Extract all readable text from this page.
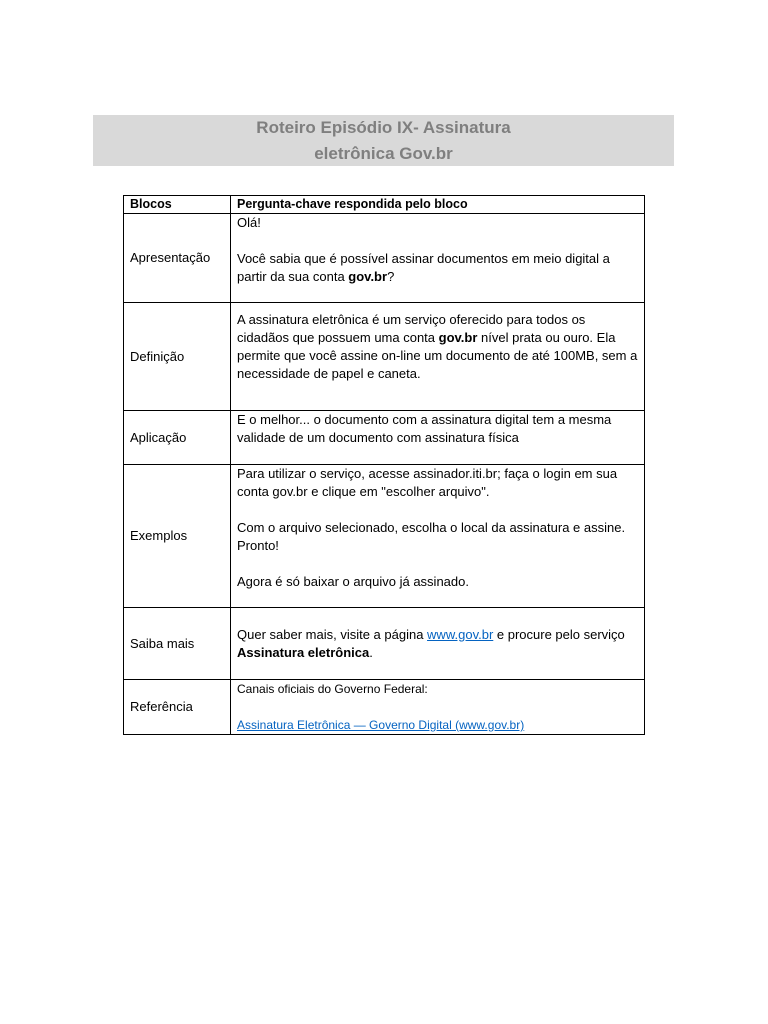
Roteiro Episódio IX- Assinatura
eletrônica Gov.br
Blocos	Pergunta-chave respondida pelo bloco
Apresentação	Olá!

Você sabia que é possível assinar documentos em meio digital a partir da sua conta gov.br?

Definição	A assinatura eletrônica é um serviço oferecido para todos os cidadãos que possuem uma conta gov.br nível prata ou ouro. Ela permite que você assine on-line um documento de até 100MB, sem a necessidade de papel e caneta.

Aplicação	E o melhor... o documento com a assinatura digital tem a mesma validade de um documento com assinatura física

Exemplos	Para utilizar o serviço, acesse assinador.iti.br; faça o login em sua conta gov.br e clique em "escolher arquivo".

Com o arquivo selecionado, escolha o local da assinatura e assine. Pronto!

Agora é só baixar o arquivo já assinado.

Saiba mais	Quer saber mais, visite a página www.gov.br e procure pelo serviço Assinatura eletrônica.

Referência	Canais oficiais do Governo Federal:

Assinatura Eletrônica — Governo Digital (www.gov.br)
